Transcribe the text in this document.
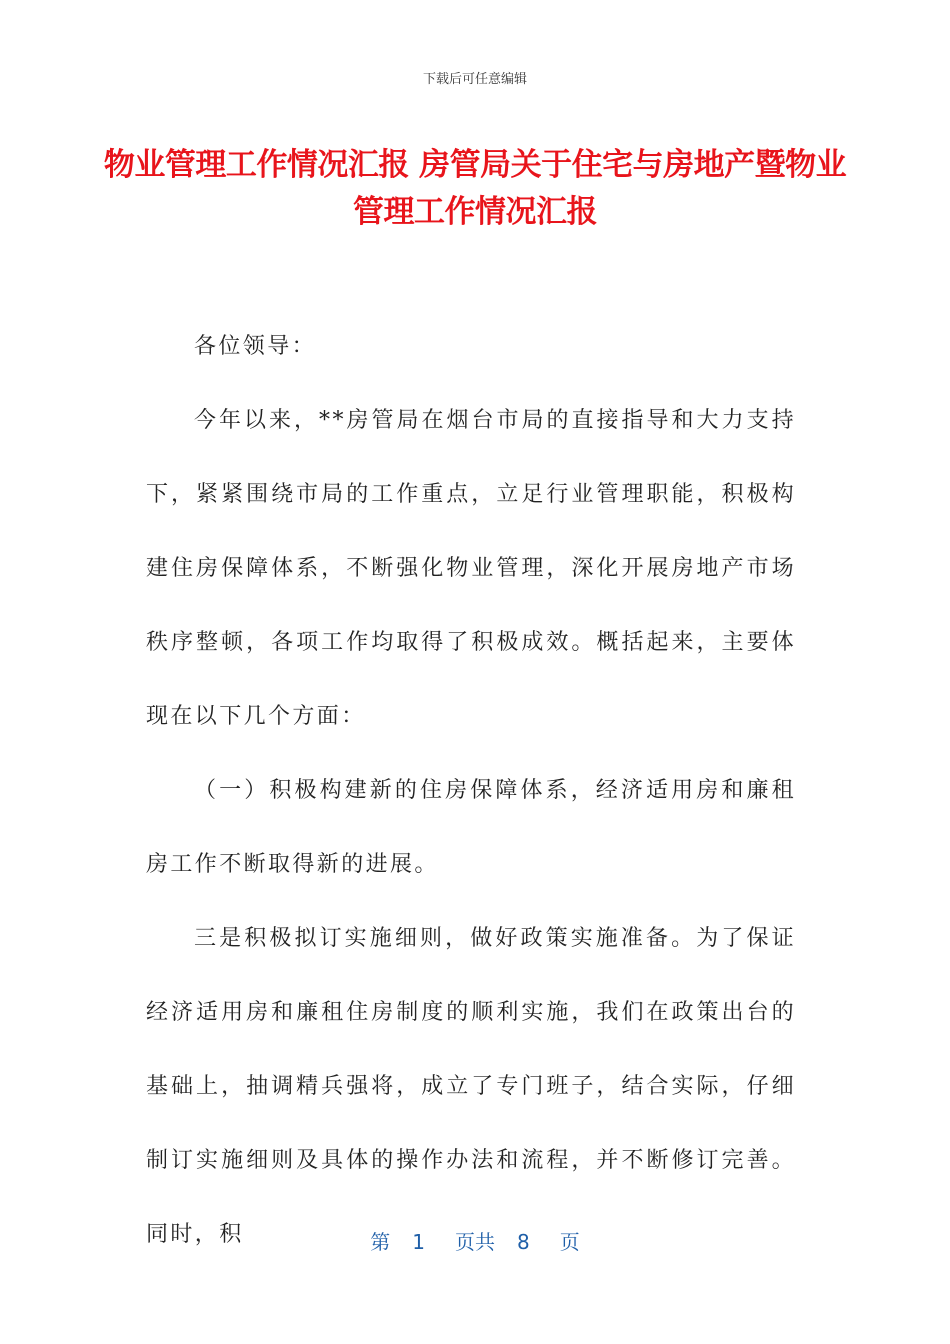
下载后可任意编辑
物业管理工作情况汇报 房管局关于住宅与房地产暨物业管理工作情况汇报

各位领导：

今年以来，**房管局在烟台市局的直接指导和大力支持下，紧紧围绕市局的工作重点，立足行业管理职能，积极构建住房保障体系，不断强化物业管理，深化开展房地产市场秩序整顿，各项工作均取得了积极成效。概括起来，主要体现在以下几个方面：

（一）积极构建新的住房保障体系，经济适用房和廉租房工作不断取得新的进展。

三是积极拟订实施细则，做好政策实施准备。为了保证经济适用房和廉租住房制度的顺利实施，我们在政策出台的基础上，抽调精兵强将，成立了专门班子，结合实际，仔细制订实施细则及具体的操作办法和流程，并不断修订完善。同时，积	第 1 页共 8 页
